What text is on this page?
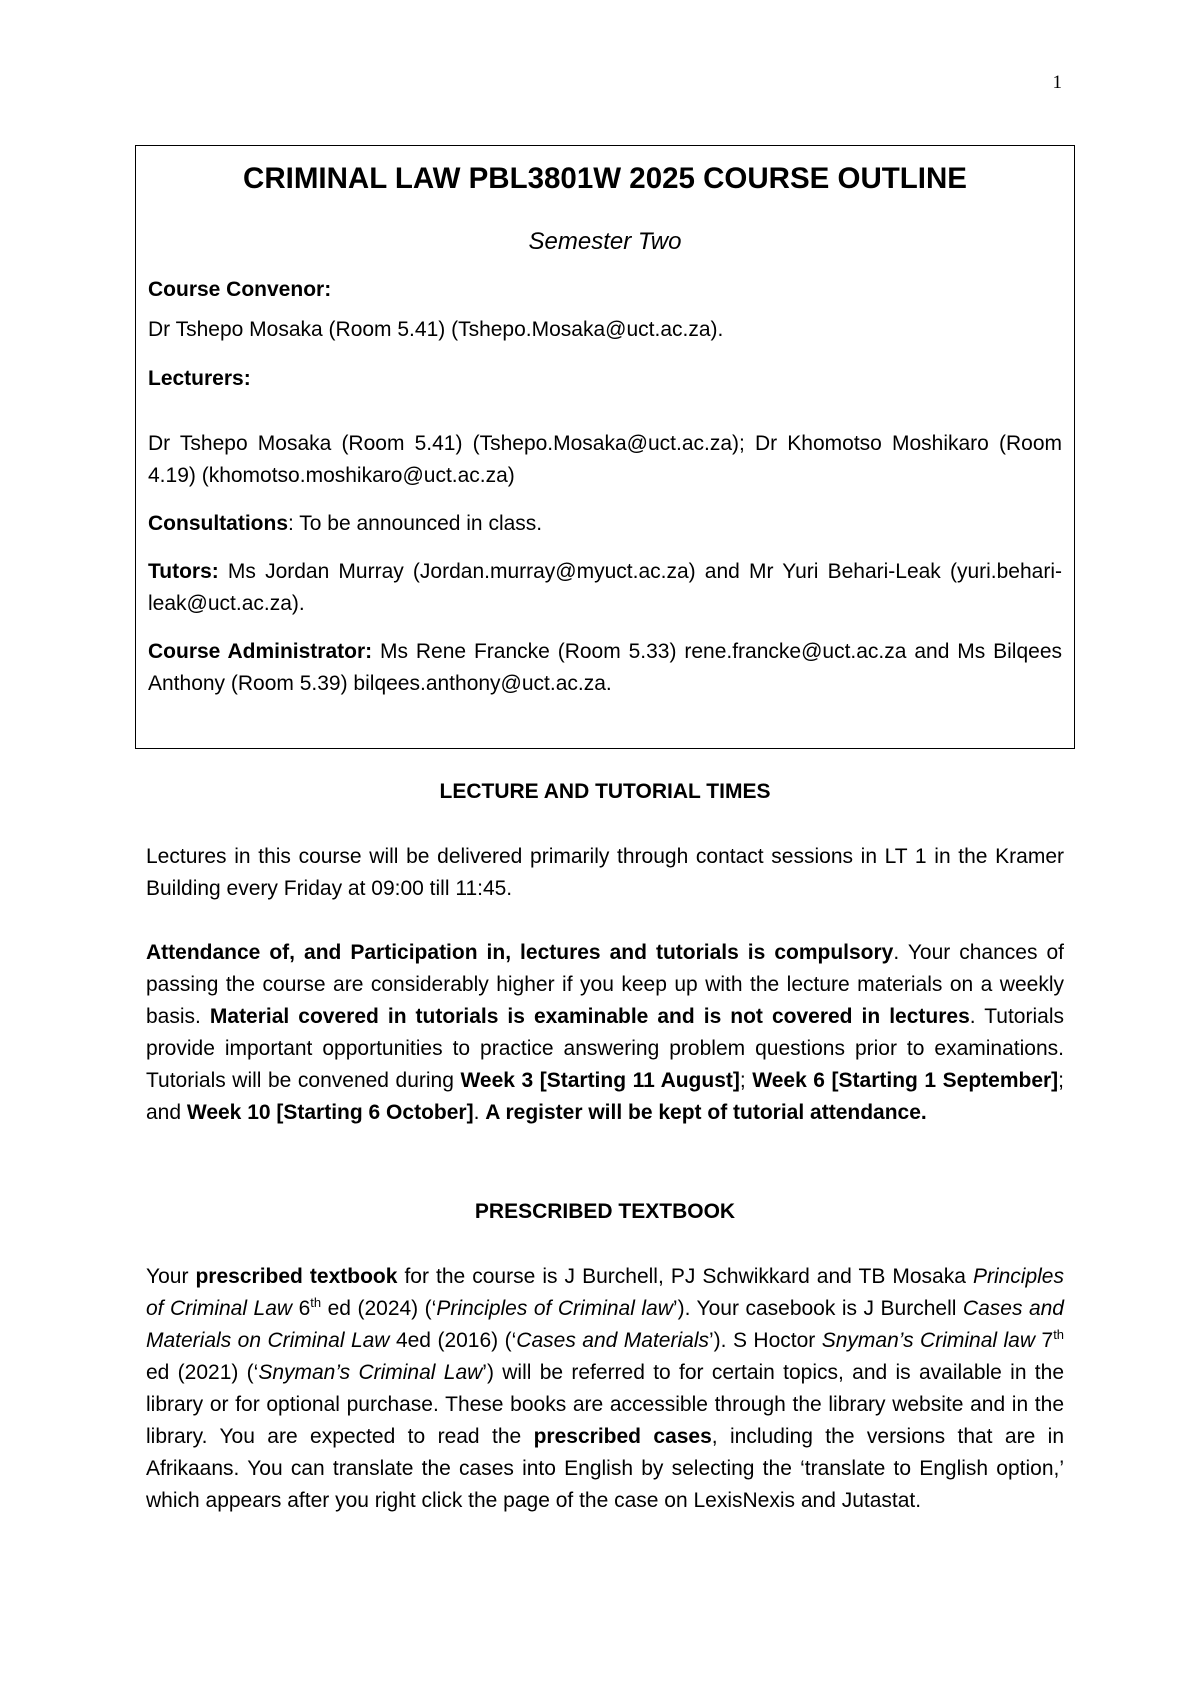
1
CRIMINAL LAW PBL3801W 2025 COURSE OUTLINE
Semester Two

Course Convenor:

Dr Tshepo Mosaka (Room 5.41) (Tshepo.Mosaka@uct.ac.za).

Lecturers:

Dr Tshepo Mosaka (Room 5.41) (Tshepo.Mosaka@uct.ac.za); Dr Khomotso Moshikaro (Room 4.19) (khomotso.moshikaro@uct.ac.za)

Consultations: To be announced in class.

Tutors: Ms Jordan Murray (Jordan.murray@myuct.ac.za) and Mr Yuri Behari-Leak (yuri.behari-leak@uct.ac.za).

Course Administrator: Ms Rene Francke (Room 5.33) rene.francke@uct.ac.za and Ms Bilqees Anthony (Room 5.39) bilqees.anthony@uct.ac.za.

LECTURE AND TUTORIAL TIMES

Lectures in this course will be delivered primarily through contact sessions in LT 1 in the Kramer Building every Friday at 09:00 till 11:45.

Attendance of, and Participation in, lectures and tutorials is compulsory. Your chances of passing the course are considerably higher if you keep up with the lecture materials on a weekly basis. Material covered in tutorials is examinable and is not covered in lectures. Tutorials provide important opportunities to practice answering problem questions prior to examinations. Tutorials will be convened during Week 3 [Starting 11 August]; Week 6 [Starting 1 September]; and Week 10 [Starting 6 October]. A register will be kept of tutorial attendance.

PRESCRIBED TEXTBOOK

Your prescribed textbook for the course is J Burchell, PJ Schwikkard and TB Mosaka Principles of Criminal Law 6th ed (2024) (‘Principles of Criminal law’). Your casebook is J Burchell Cases and Materials on Criminal Law 4ed (2016) (‘Cases and Materials’). S Hoctor Snyman’s Criminal law 7th ed (2021) (‘Snyman’s Criminal Law’) will be referred to for certain topics, and is available in the library or for optional purchase. These books are accessible through the library website and in the library. You are expected to read the prescribed cases, including the versions that are in Afrikaans. You can translate the cases into English by selecting the ‘translate to English option,’ which appears after you right click the page of the case on LexisNexis and Jutastat.
